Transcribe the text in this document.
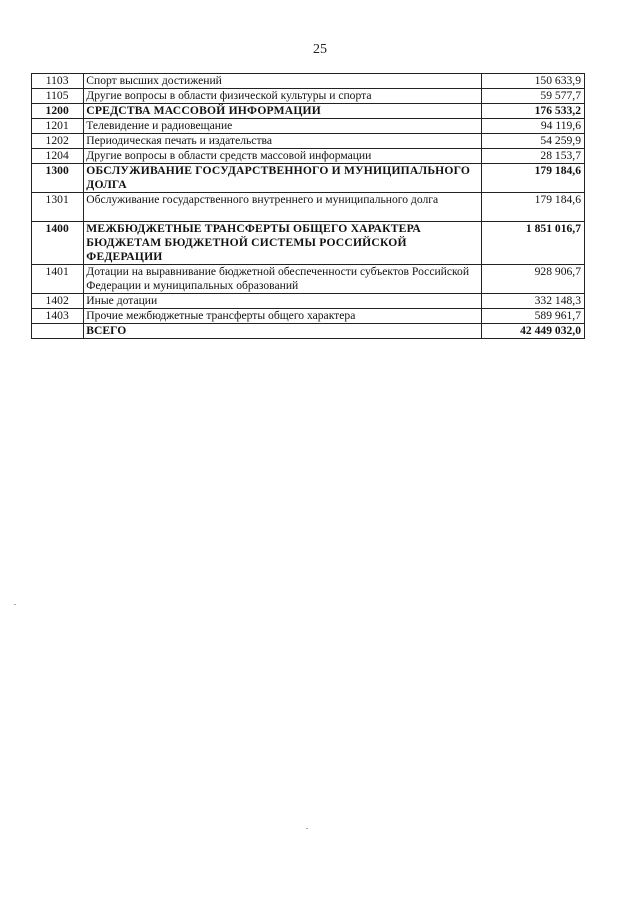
25
1103	Спорт высших достижений	150 633,9
1105	Другие вопросы в области физической культуры и спорта	59 577,7
1200	СРЕДСТВА МАССОВОЙ ИНФОРМАЦИИ	176 533,2
1201	Телевидение и радиовещание	94 119,6
1202	Периодическая печать и издательства	54 259,9
1204	Другие вопросы в области средств массовой информации	28 153,7
1300	ОБСЛУЖИВАНИЕ ГОСУДАРСТВЕННОГО И МУНИЦИПАЛЬНОГО ДОЛГА	179 184,6
1301	Обслуживание государственного внутреннего и муниципального долга	179 184,6
1400	МЕЖБЮДЖЕТНЫЕ ТРАНСФЕРТЫ ОБЩЕГО ХАРАКТЕРА БЮДЖЕТАМ БЮДЖЕТНОЙ СИСТЕМЫ РОССИЙСКОЙ ФЕДЕРАЦИИ	1 851 016,7
1401	Дотации на выравнивание бюджетной обеспеченности субъектов Российской Федерации и муниципальных образований	928 906,7
1402	Иные дотации	332 148,3
1403	Прочие межбюджетные трансферты общего характера	589 961,7
	ВСЕГО	42 449 032,0
